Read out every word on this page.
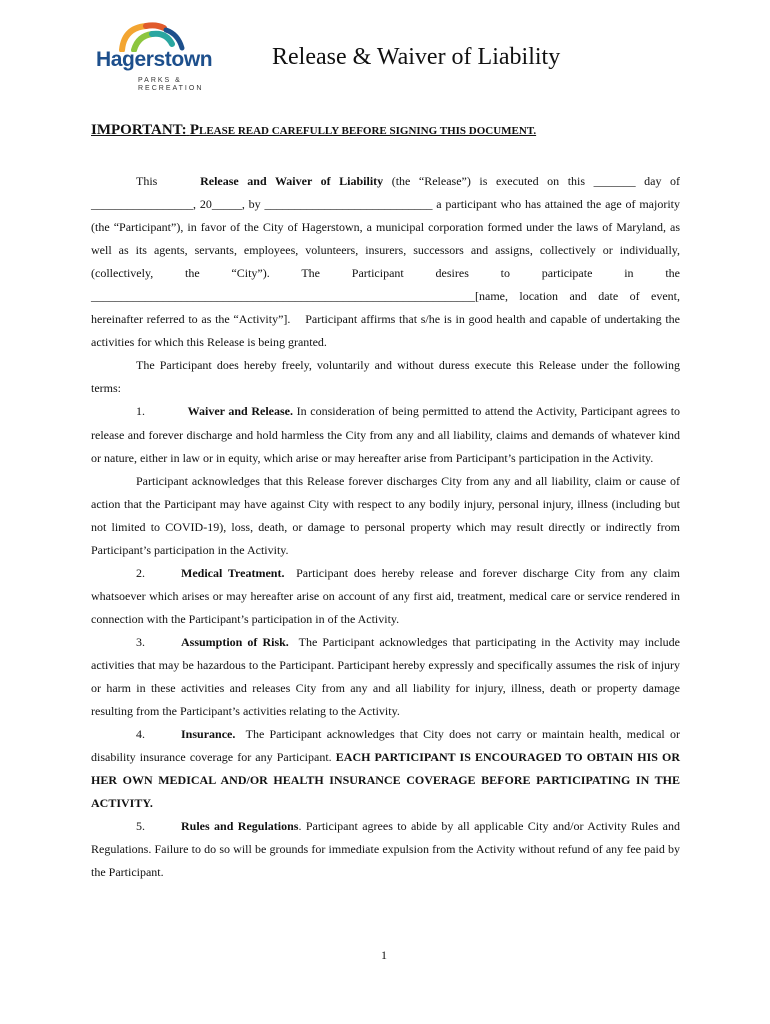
Hagerstown
PARKS &
RECREATION
Release & Waiver of Liability
IMPORTANT: PLEASE READ CAREFULLY BEFORE SIGNING THIS DOCUMENT.

This	Release and Waiver of Liability (the “Release”) is executed on this _______ day of

_________________, 20_____, by ____________________________ a participant who has attained the age of majority (the “Participant”), in favor of the City of Hagerstown, a municipal corporation formed under the laws of Maryland, as well as its agents, servants, employees, volunteers, insurers, successors and assigns, collectively or individually, (collectively, the “City”). The Participant desires to participate in the ________________________________________________________________[name, location and date of event, hereinafter referred to as the “Activity”]. Participant affirms that s/he is in good health and capable of undertaking the activities for which this Release is being granted.

The Participant does hereby freely, voluntarily and without duress execute this Release under the following terms:

1.	Waiver and Release. In consideration of being permitted to attend the Activity, Participant agrees to release and forever discharge and hold harmless the City from any and all liability, claims and demands of whatever kind or nature, either in law or in equity, which arise or may hereafter arise from Participant’s participation in the Activity.

Participant acknowledges that this Release forever discharges City from any and all liability, claim or cause of action that the Participant may have against City with respect to any bodily injury, personal injury, illness (including but not limited to COVID-19), loss, death, or damage to personal property which may result directly or indirectly from Participant’s participation in the Activity.

2.	Medical Treatment. Participant does hereby release and forever discharge City from any claim whatsoever which arises or may hereafter arise on account of any first aid, treatment, medical care or service rendered in connection with the Participant’s participation in of the Activity.

3.	Assumption of Risk. The Participant acknowledges that participating in the Activity may include activities that may be hazardous to the Participant. Participant hereby expressly and specifically assumes the risk of injury or harm in these activities and releases City from any and all liability for injury, illness, death or property damage resulting from the Participant’s activities relating to the Activity.

4.	Insurance. The Participant acknowledges that City does not carry or maintain health, medical or disability insurance coverage for any Participant. EACH PARTICIPANT IS ENCOURAGED TO OBTAIN HIS OR HER OWN MEDICAL AND/OR HEALTH INSURANCE COVERAGE BEFORE PARTICIPATING IN THE ACTIVITY.

5.	Rules and Regulations. Participant agrees to abide by all applicable City and/or Activity Rules and Regulations. Failure to do so will be grounds for immediate expulsion from the Activity without refund of any fee paid by the Participant.

1
